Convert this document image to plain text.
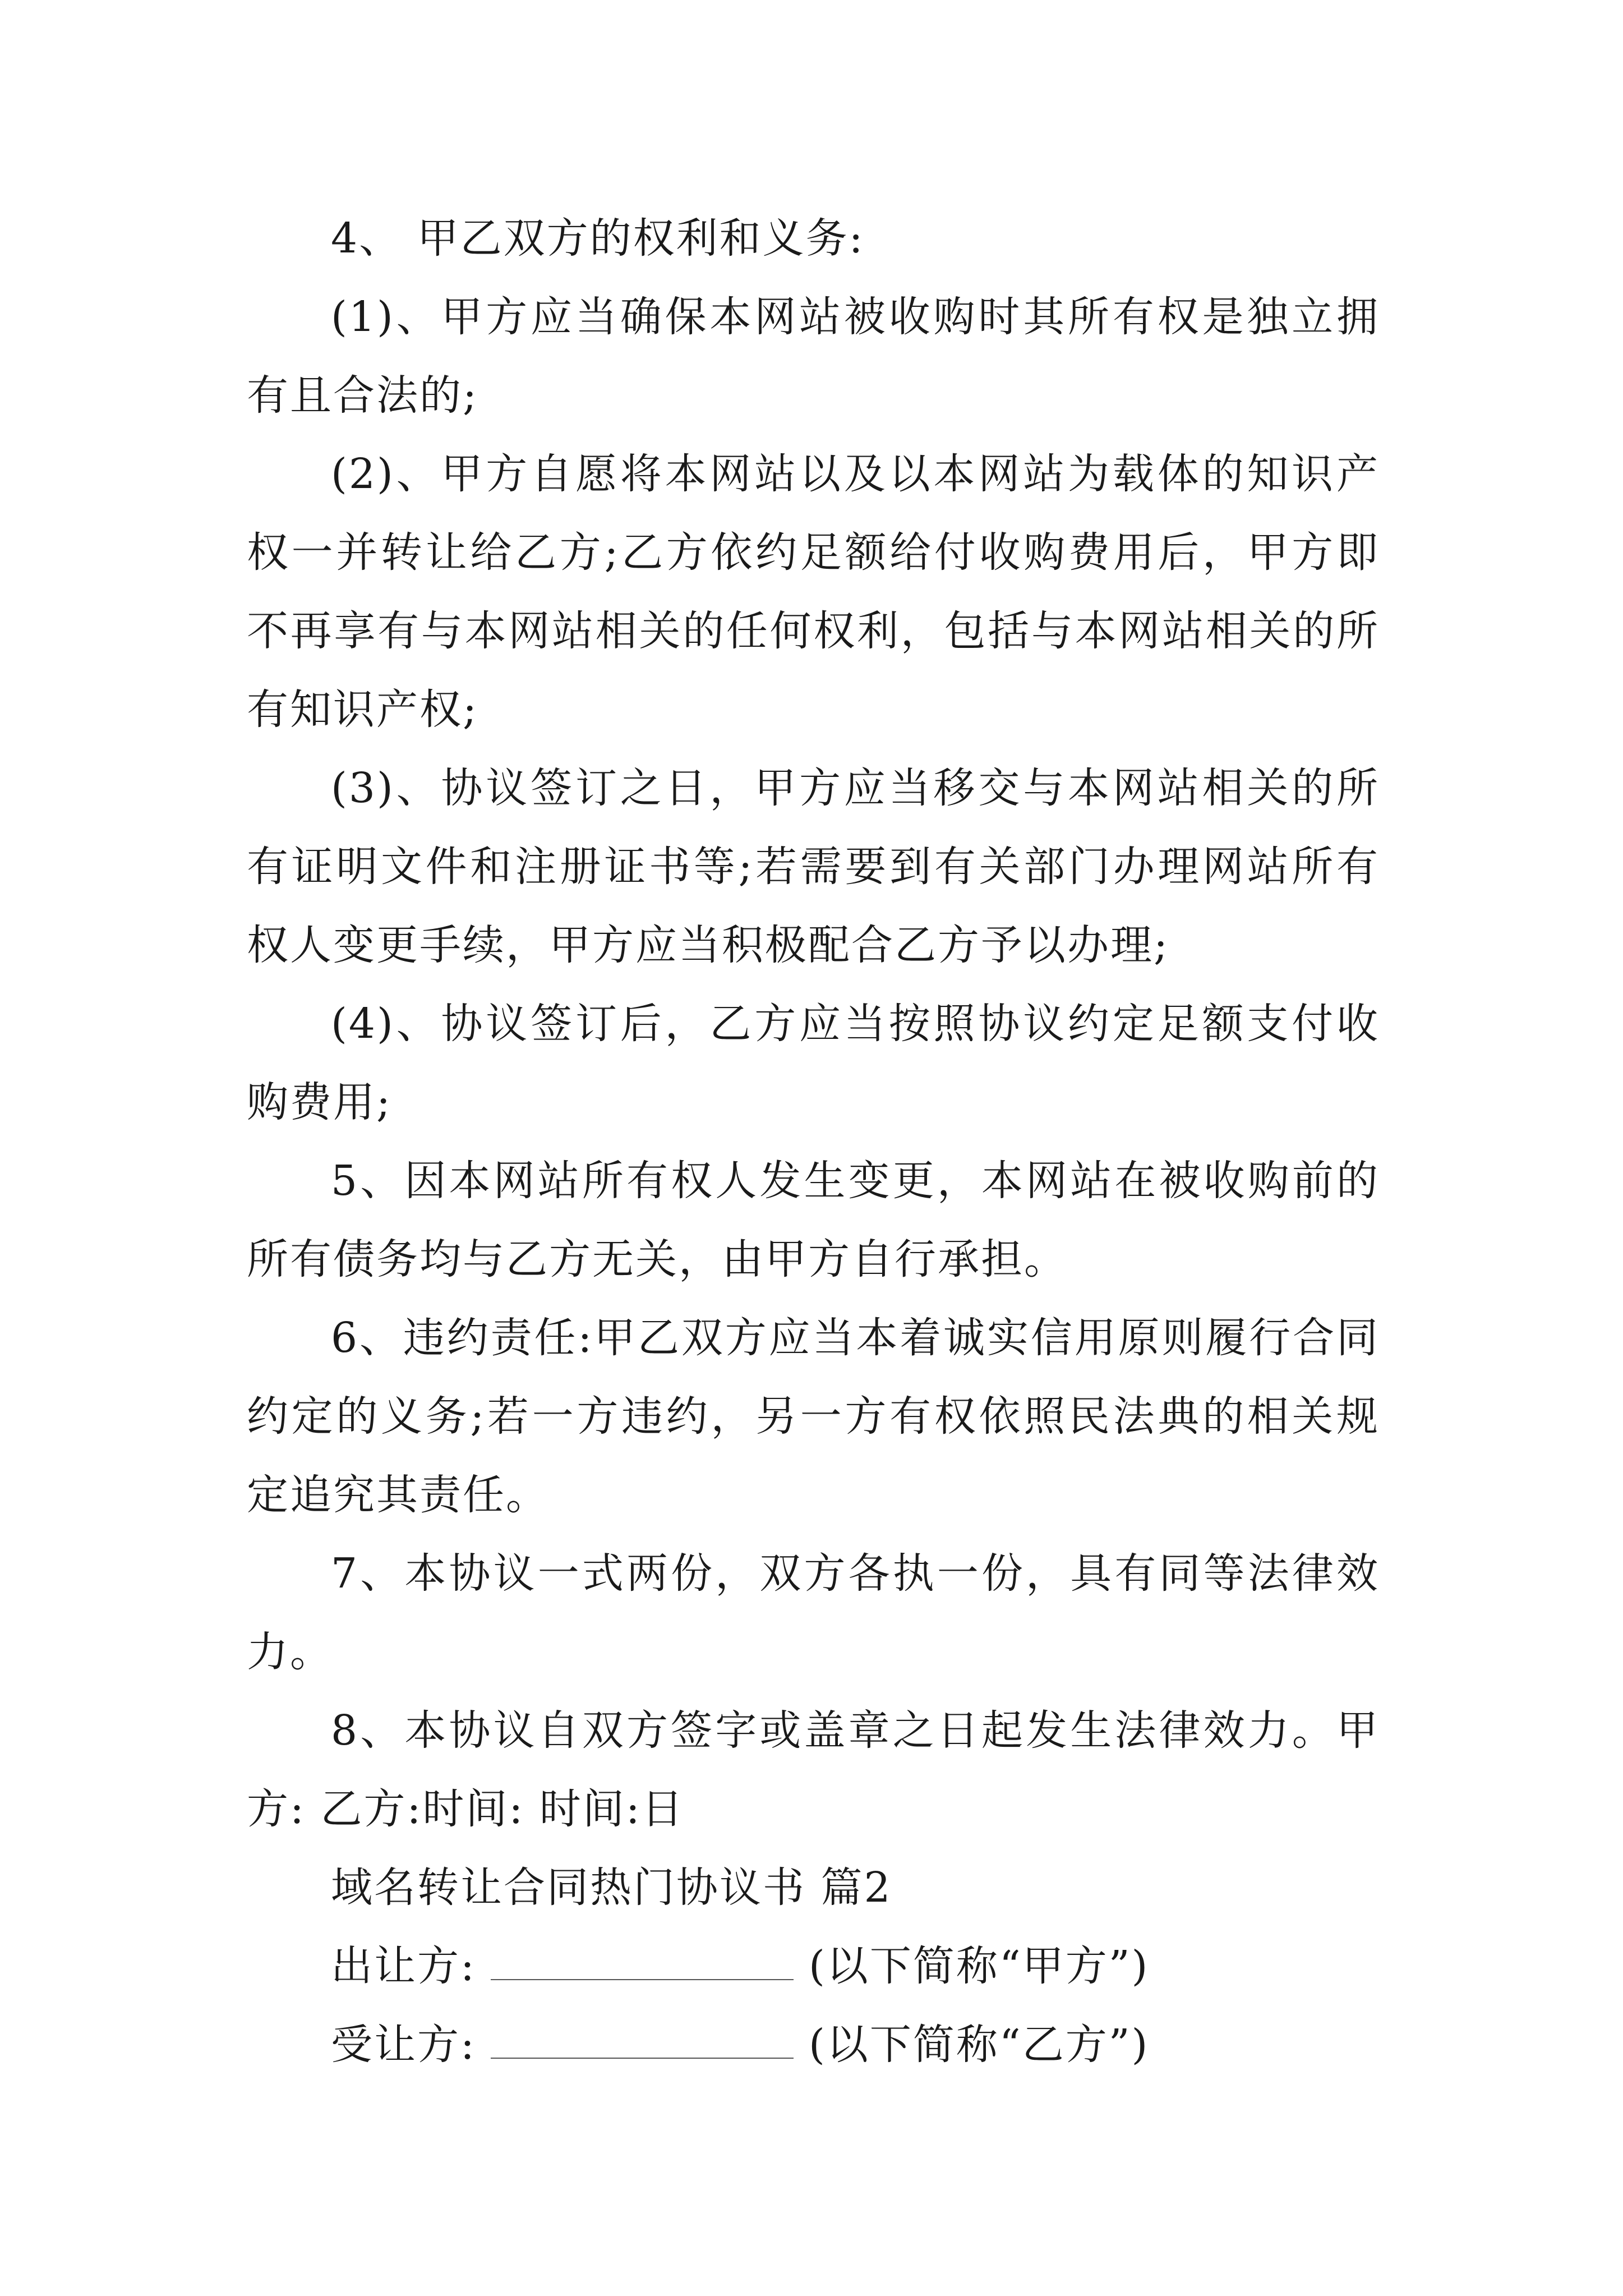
4、 甲乙双方的权利和义务:

(1)、甲方应当确保本网站被收购时其所有权是独立拥有且合法的;

(2)、甲方自愿将本网站以及以本网站为载体的知识产权一并转让给乙方;乙方依约足额给付收购费用后，甲方即不再享有与本网站相关的任何权利，包括与本网站相关的所有知识产权;

(3)、协议签订之日，甲方应当移交与本网站相关的所有证明文件和注册证书等;若需要到有关部门办理网站所有权人变更手续，甲方应当积极配合乙方予以办理;

(4)、协议签订后，乙方应当按照协议约定足额支付收购费用;

5、因本网站所有权人发生变更，本网站在被收购前的所有债务均与乙方无关，由甲方自行承担。

6、违约责任:甲乙双方应当本着诚实信用原则履行合同约定的义务;若一方违约，另一方有权依照民法典的相关规定追究其责任。

7、本协议一式两份，双方各执一份，具有同等法律效力。

8、本协议自双方签字或盖章之日起发生法律效力。甲方: 乙方:时间: 时间:日

域名转让合同热门协议书 篇2

出让方:	(以下简称“甲方”)

受让方:	(以下简称“乙方”)
